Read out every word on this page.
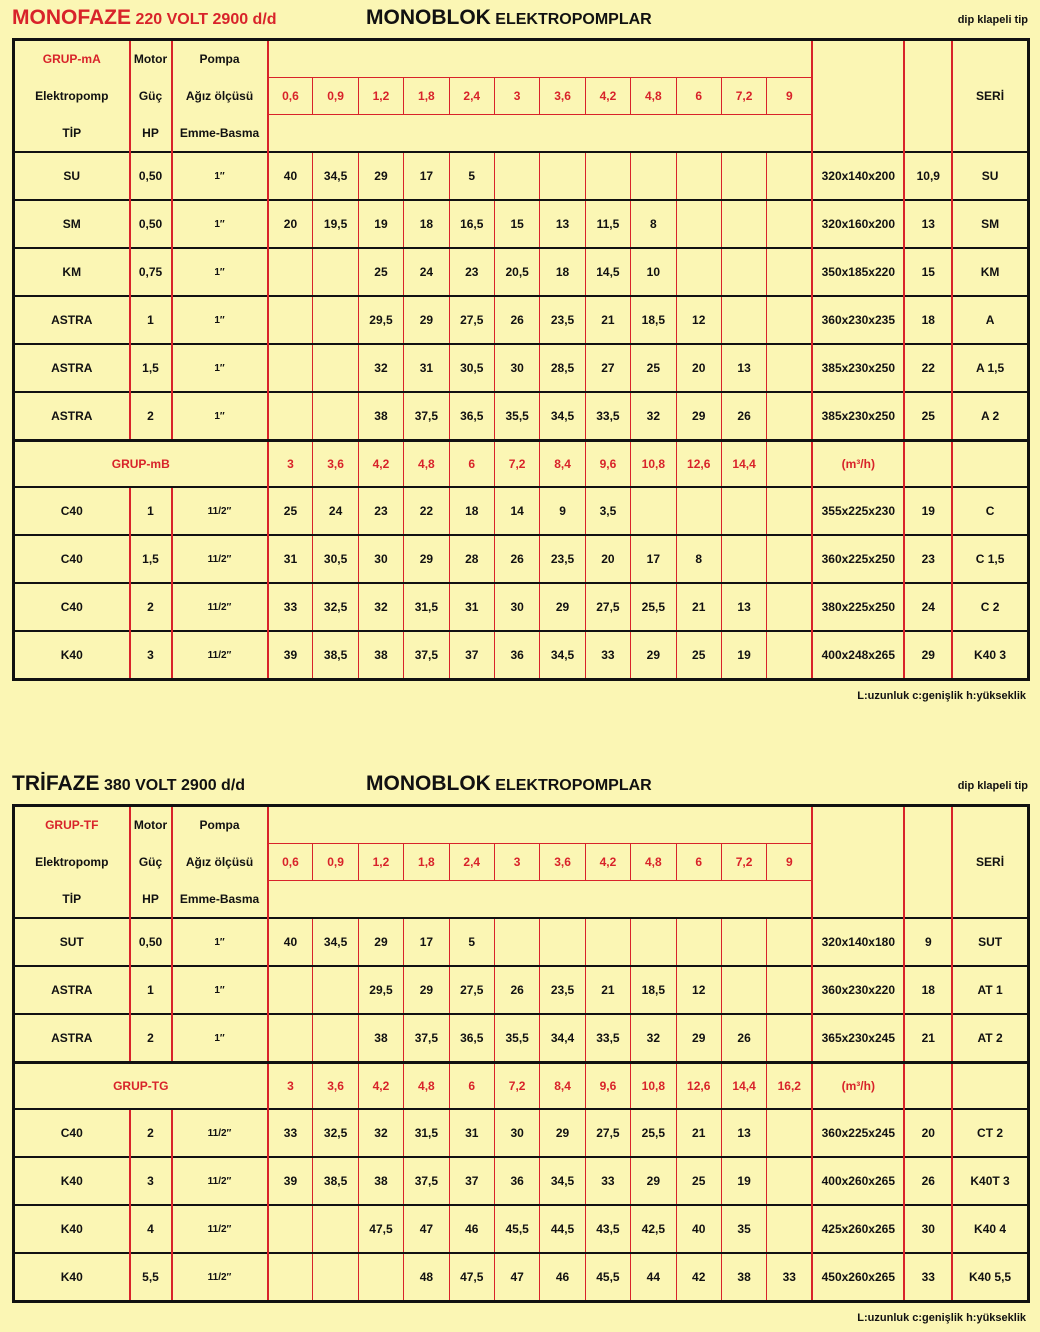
MONOFAZE 220 VOLT 2900 d/d	MONOBLOK ELEKTROPOMPLAR	dip klapeli tip
GRUP-mA	Motor	Pompa															SERİ
Elektropomp	Güç	Ağız ölçüsü	0,6	0,9	1,2	1,8	2,4	3	3,6	4,2	4,8	6	7,2	9			
TİP	HP	Emme-Basma															

SU	0,50	1″	40	34,5	29	17	5								320x140x200	10,9	SU
SM	0,50	1″	20	19,5	19	18	16,5	15	13	11,5	8				320x160x200	13	SM
KM	0,75	1″			25	24	23	20,5	18	14,5	10				350x185x220	15	KM
ASTRA	1	1″			29,5	29	27,5	26	23,5	21	18,5	12			360x230x235	18	A
ASTRA	1,5	1″			32	31	30,5	30	28,5	27	25	20	13		385x230x250	22	A 1,5
ASTRA	2	1″			38	37,5	36,5	35,5	34,5	33,5	32	29	26		385x230x250	25	A 2
GRUP-mB			3	3,6	4,2	4,8	6	7,2	8,4	9,6	10,8	12,6	14,4		(m³/h)		
C40	1	11/2″	25	24	23	22	18	14	9	3,5					355x225x230	19	C
C40	1,5	11/2″	31	30,5	30	29	28	26	23,5	20	17	8			360x225x250	23	C 1,5
C40	2	11/2″	33	32,5	32	31,5	31	30	29	27,5	25,5	21	13		380x225x250	24	C 2
K40	3	11/2″	39	38,5	38	37,5	37	36	34,5	33	29	25	19		400x248x265	29	K40 3
L:uzunluk c:genişlik h:yükseklik
TRİFAZE 380 VOLT 2900 d/d	MONOBLOK ELEKTROPOMPLAR	dip klapeli tip
GRUP-TF	Motor	Pompa															SERİ
Elektropomp	Güç	Ağız ölçüsü	0,6	0,9	1,2	1,8	2,4	3	3,6	4,2	4,8	6	7,2	9			
TİP	HP	Emme-Basma															

SUT	0,50	1″	40	34,5	29	17	5								320x140x180	9	SUT
ASTRA	1	1″			29,5	29	27,5	26	23,5	21	18,5	12			360x230x220	18	AT 1
ASTRA	2	1″			38	37,5	36,5	35,5	34,4	33,5	32	29	26		365x230x245	21	AT 2
GRUP-TG			3	3,6	4,2	4,8	6	7,2	8,4	9,6	10,8	12,6	14,4	16,2	(m³/h)		
C40	2	11/2″	33	32,5	32	31,5	31	30	29	27,5	25,5	21	13		360x225x245	20	CT 2
K40	3	11/2″	39	38,5	38	37,5	37	36	34,5	33	29	25	19		400x260x265	26	K40T 3
K40	4	11/2″			47,5	47	46	45,5	44,5	43,5	42,5	40	35		425x260x265	30	K40 4
K40	5,5	11/2″				48	47,5	47	46	45,5	44	42	38	33	450x260x265	33	K40 5,5
L:uzunluk c:genişlik h:yükseklik
